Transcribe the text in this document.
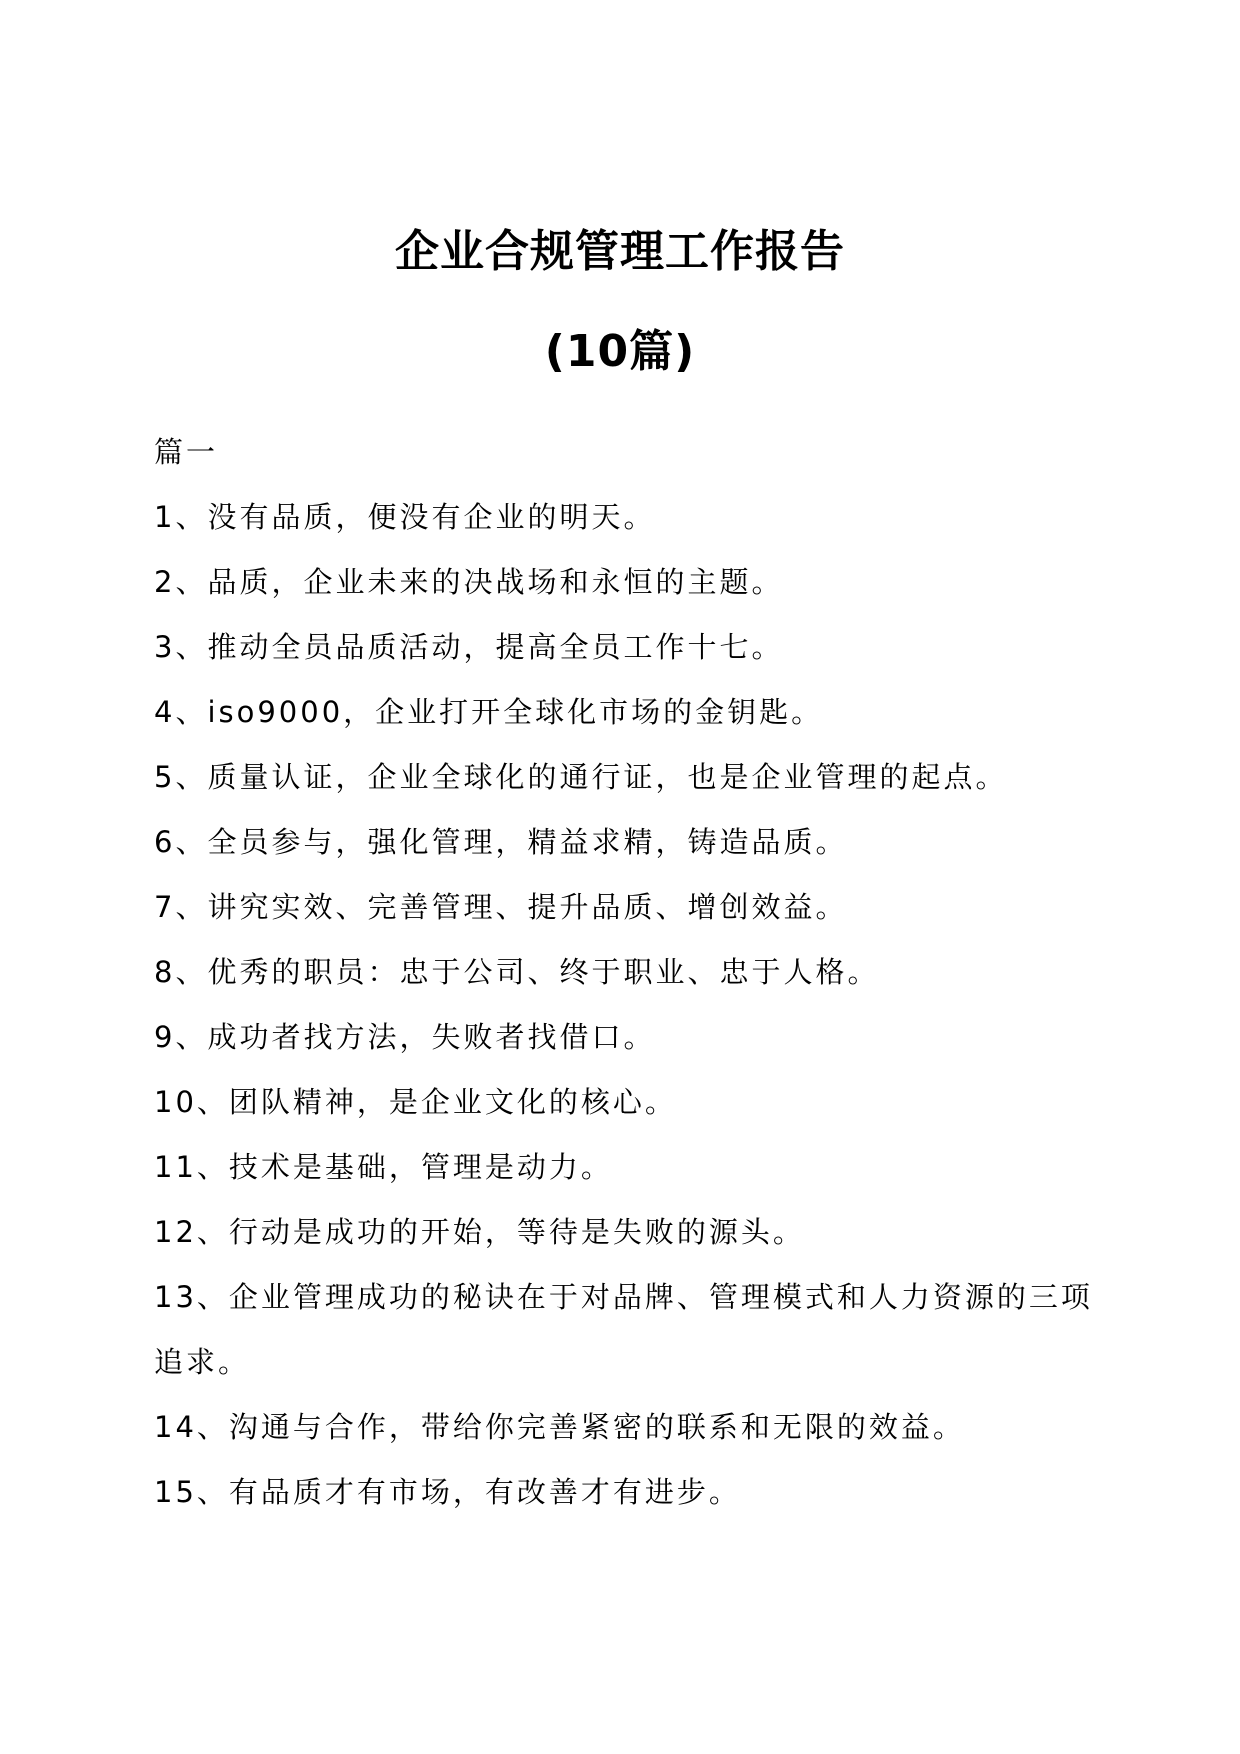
企业合规管理工作报告
(10篇)

篇一

1、没有品质，便没有企业的明天。

2、品质，企业未来的决战场和永恒的主题。

3、推动全员品质活动，提高全员工作十七。

4、iso9000，企业打开全球化市场的金钥匙。

5、质量认证，企业全球化的通行证，也是企业管理的起点。

6、全员参与，强化管理，精益求精，铸造品质。

7、讲究实效、完善管理、提升品质、增创效益。

8、优秀的职员：忠于公司、终于职业、忠于人格。

9、成功者找方法，失败者找借口。

10、团队精神，是企业文化的核心。

11、技术是基础，管理是动力。

12、行动是成功的开始，等待是失败的源头。

13、企业管理成功的秘诀在于对品牌、管理模式和人力资源的三项追求。

14、沟通与合作，带给你完善紧密的联系和无限的效益。

15、有品质才有市场，有改善才有进步。
